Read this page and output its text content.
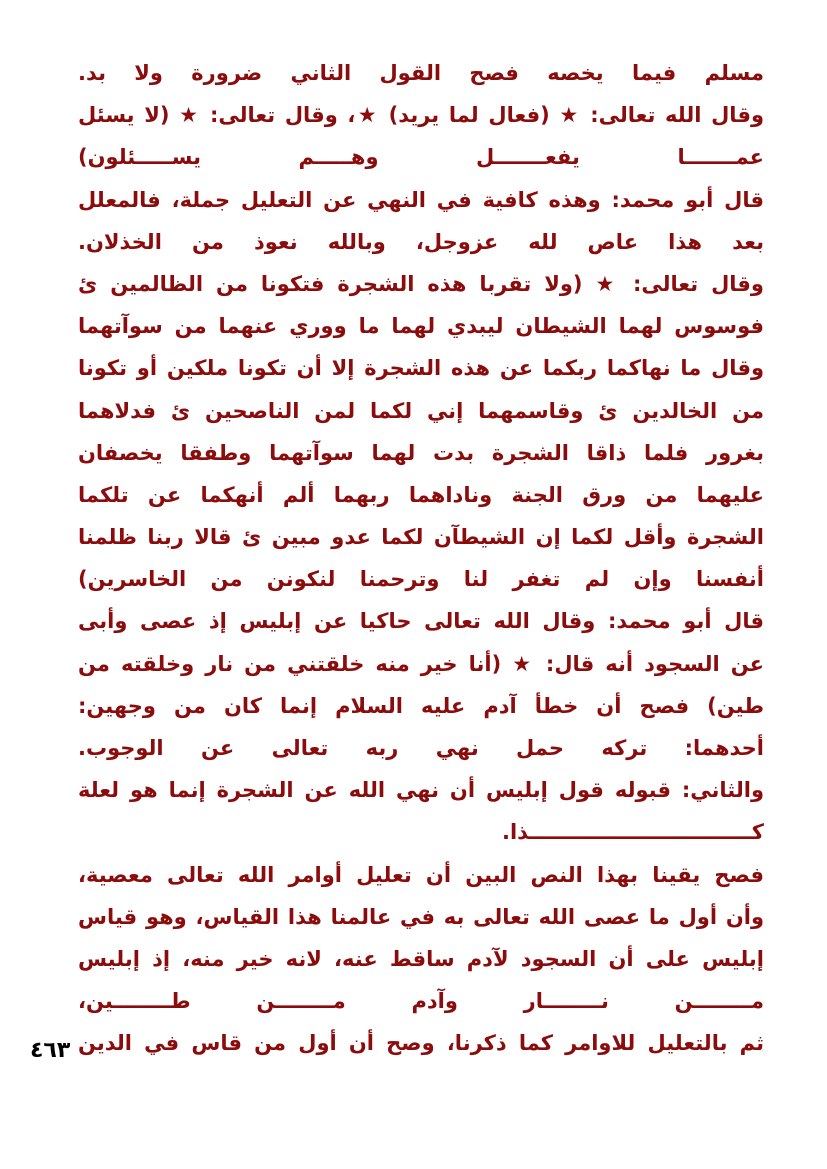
مسلم فيما يخصه فصح القول الثاني ضرورة ولا بد.
وقال الله تعالى: ★ (فعال لما يريد) ★، وقال تعالى: ★ (لا يسئل
عمـــــــا يفعـــــــل وهـــــم يســـــئلون)
قال أبو محمد: وهذه كافية في النهي عن التعليل جملة، فالمعلل
بعد هذا عاص لله عزوجل، وبالله نعوذ من الخذلان.
وقال تعالى: ★ (ولا تقربا هذه الشجرة فتكونا من الظالمين ئ
فوسوس لهما الشيطان ليبدي لهما ما ووري عنهما من سوآتهما
وقال ما نهاكما ربكما عن هذه الشجرة إلا أن تكونا ملكين أو تكونا
من الخالدين ئ وقاسمهما إني لكما لمن الناصحين ئ فدلاهما
بغرور فلما ذاقا الشجرة بدت لهما سوآتهما وطفقا يخصفان
عليهما من ورق الجنة وناداهما ربهما ألم أنهكما عن تلكما
الشجرة وأقل لكما إن الشيطآن لكما عدو مبين ئ قالا ربنا ظلمنا
أنفسنا وإن لم تغفر لنا وترحمنا لنكونن من الخاسرين)
قال أبو محمد: وقال الله تعالى حاكيا عن إبليس إذ عصى وأبى
عن السجود أنه قال: ★ (أنا خير منه خلقتني من نار وخلقته من
طين) فصح أن خطأ آدم عليه السلام إنما كان من وجهين:
أحدهما: تركه حمل نهي ربه تعالى عن الوجوب.
والثاني: قبوله قول إبليس أن نهي الله عن الشجرة إنما هو لعلة
كـــــــــــــــــــــــــــــــذا.
فصح يقينا بهذا النص البين أن تعليل أوامر الله تعالى معصية،
وأن أول ما عصى الله تعالى به في عالمنا هذا القياس، وهو قياس
إبليس على أن السجود لآدم ساقط عنه، لانه خير منه، إذ إبليس
مــــــــن نــــــــار وآدم مــــــــن طــــــــين،
ثم بالتعليل للاوامر كما ذكرنا، وصح أن أول من قاس في الدين
٤٦٣
